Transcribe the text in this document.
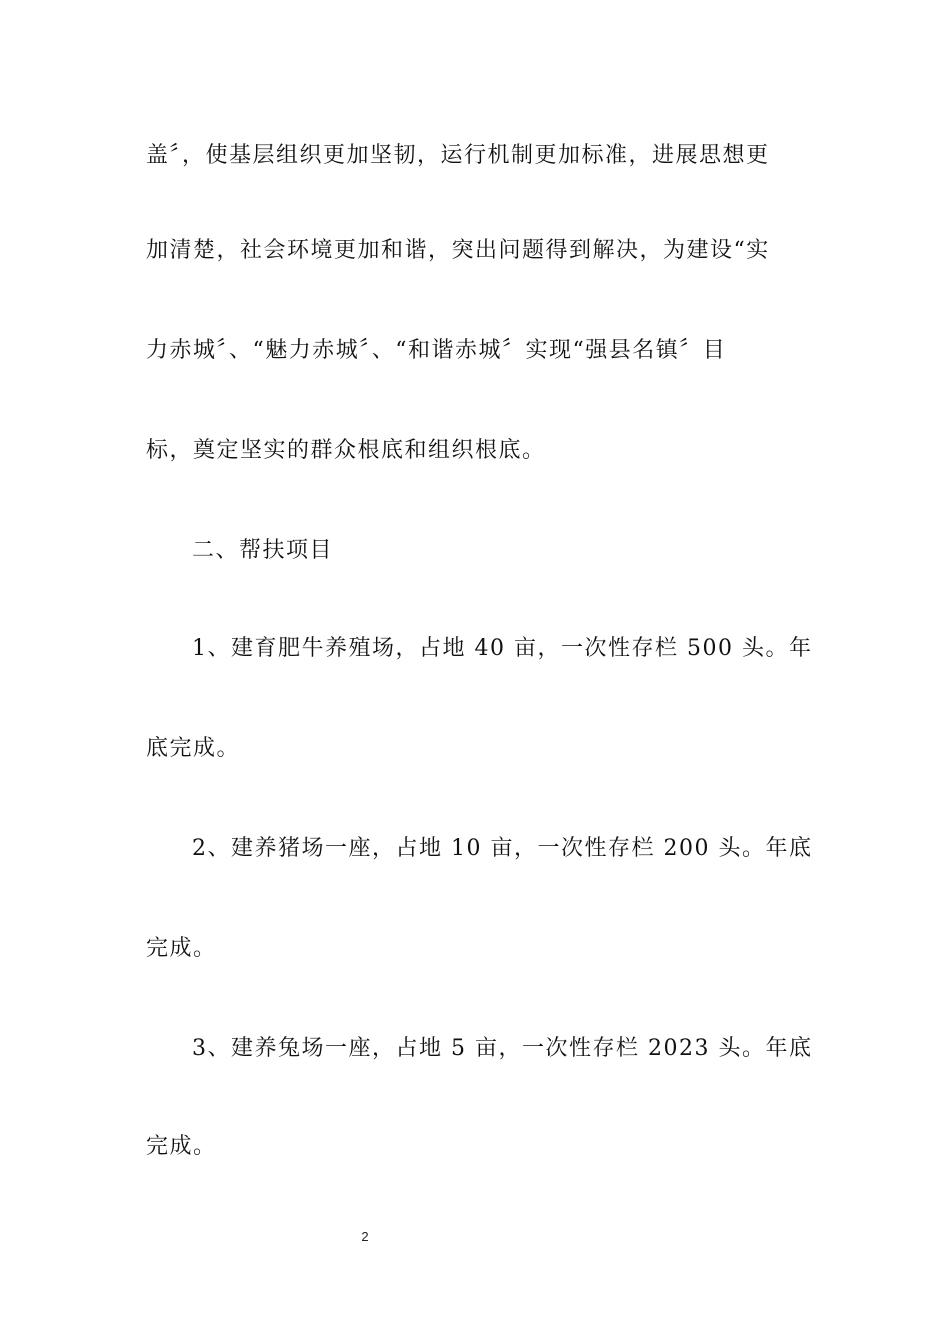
盖〞，使基层组织更加坚韧，运行机制更加标准，进展思想更
加清楚，社会环境更加和谐，突出问题得到解决，为建设“实
力赤城〞、“魅力赤城〞、“和谐赤城〞实现“强县名镇〞目
标，奠定坚实的群众根底和组织根底。
二、帮扶项目
1、建育肥牛养殖场，占地 40 亩，一次性存栏 500 头。年
底完成。
2、建养猪场一座，占地 10 亩，一次性存栏 200 头。年底
完成。
3、建养兔场一座，占地 5 亩，一次性存栏 2023 头。年底
完成。
2
